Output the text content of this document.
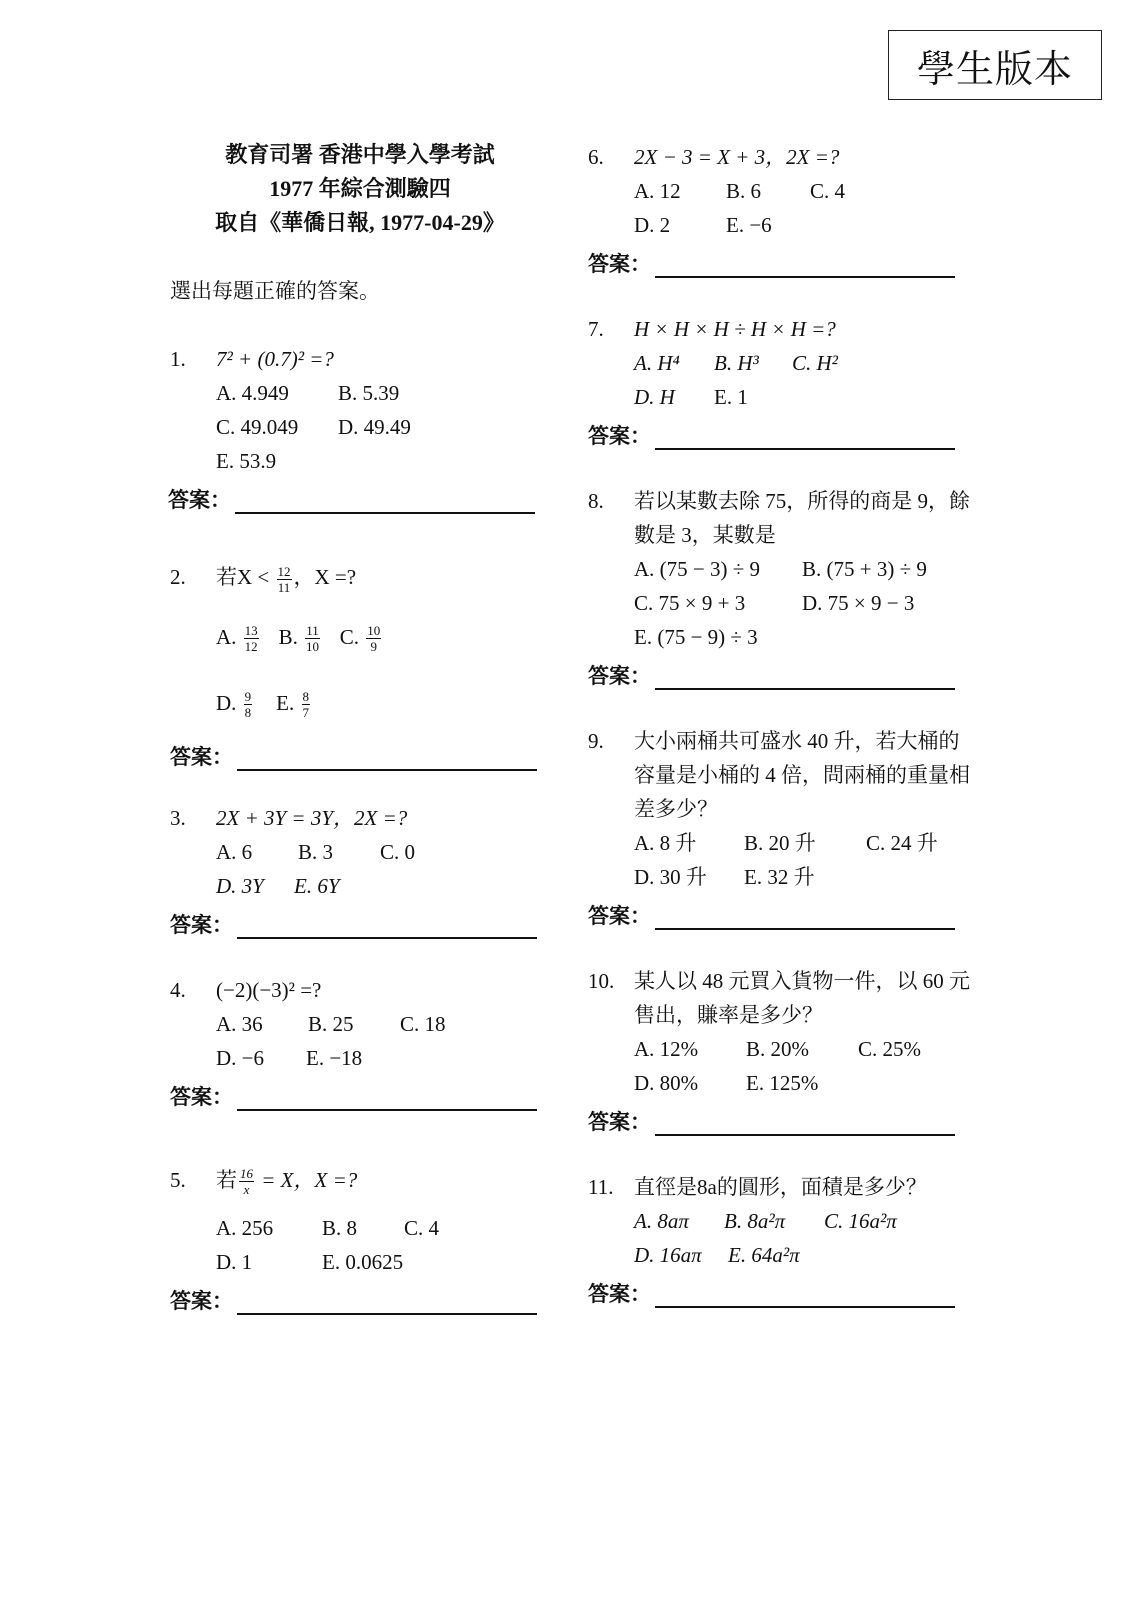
學生版本
教育司署 香港中學入學考試
1977 年綜合測驗四
取自《華僑日報, 1977-04-29》
選出每題正確的答案。
1.	7² + (0.7)² =?
A. 4.949	B. 5.39
C. 49.049	D. 49.49
E. 53.9
答案：
2.	若$X < \frac{12}{11}$ ，X =?
A. $\frac{13}{12} B$. $\frac{11}{10} C$. $\frac{10}{9}$
D. $\frac{9}{8} E$. $\frac{8}{7}$
答案：
3.	2X + 3Y = 3Y，2X =?
A. 6	B. 3	C. 0
D. 3Y	E. 6Y
答案：
4.	(−2)(−3)² =?
A. 36	B. 25	C. 18
D. −6	E. −18
答案：
5.	若 $\frac{16}{x} = X$，X =?
A. 256	B. 8	C. 4
D. 1	E. 0.0625
答案：
6.	2X − 3 = X + 3，2X =?
A. 12	B. 6	C. 4
D. 2	E. −6
答案：
7.	H × H × H ÷ H × H =?
A. H⁴	B. H³	C. H²
D. H	E. 1
答案：
8.	若以某數去除 75，所得的商是 9，餘數是 3，某數是
A. (75 − 3) ÷ 9	B. (75 + 3) ÷ 9
C. 75 × 9 + 3	D. 75 × 9 − 3
E. (75 − 9) ÷ 3
答案：
9.	大小兩桶共可盛水 40 升，若大桶的容量是小桶的 4 倍，問兩桶的重量相差多少？
A. 8 升	B. 20 升	C. 24 升
D. 30 升	E. 32 升
答案：
10. 某人以 48 元買入貨物一件，以 60 元售出，賺率是多少？
A. 12%	B. 20%	C. 25%
D. 80%	E. 125%
答案：
11. 直徑是8a的圓形，面積是多少？
A. 8aπ	B. 8a²π	C. 16a²π
D. 16aπ	E. 64a²π
答案：
